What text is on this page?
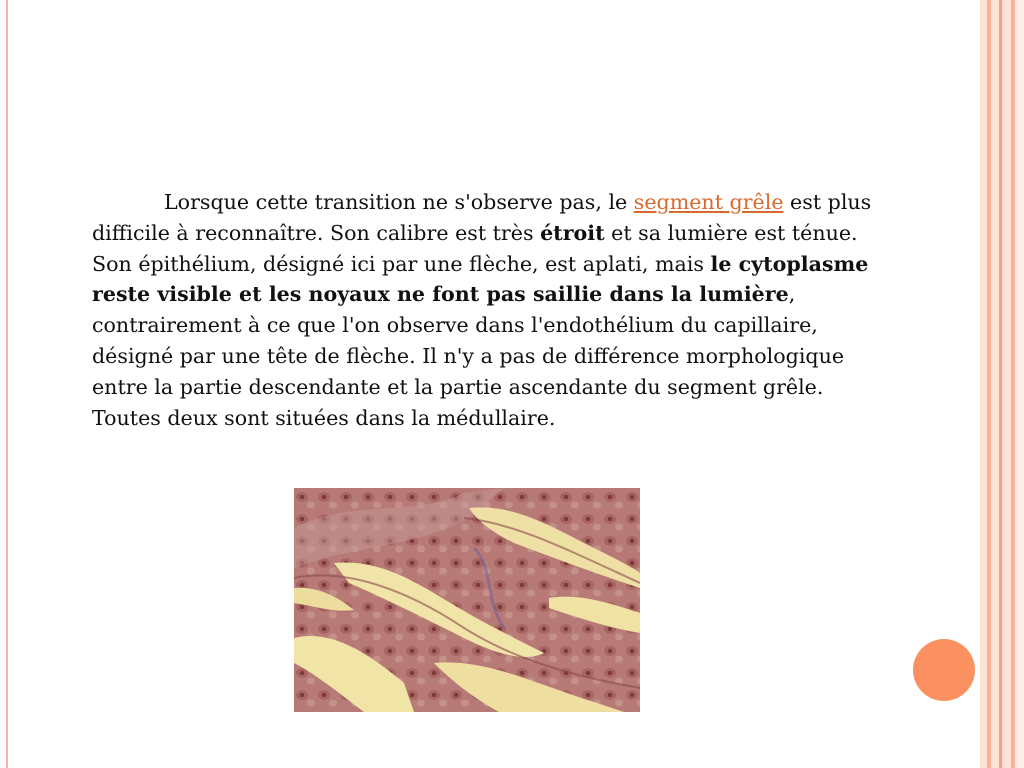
Lorsque cette transition ne s'observe pas, le segment grêle est plus difficile à reconnaître. Son calibre est très étroit et sa lumière est ténue. Son épithélium, désigné ici par une flèche, est aplati, mais le cytoplasme reste visible et les noyaux ne font pas saillie dans la lumière, contrairement à ce que l'on observe dans l'endothélium du capillaire, désigné par une tête de flèche. Il n'y a pas de différence morphologique entre la partie descendante et la partie ascendante du segment grêle. Toutes deux sont situées dans la médullaire.
